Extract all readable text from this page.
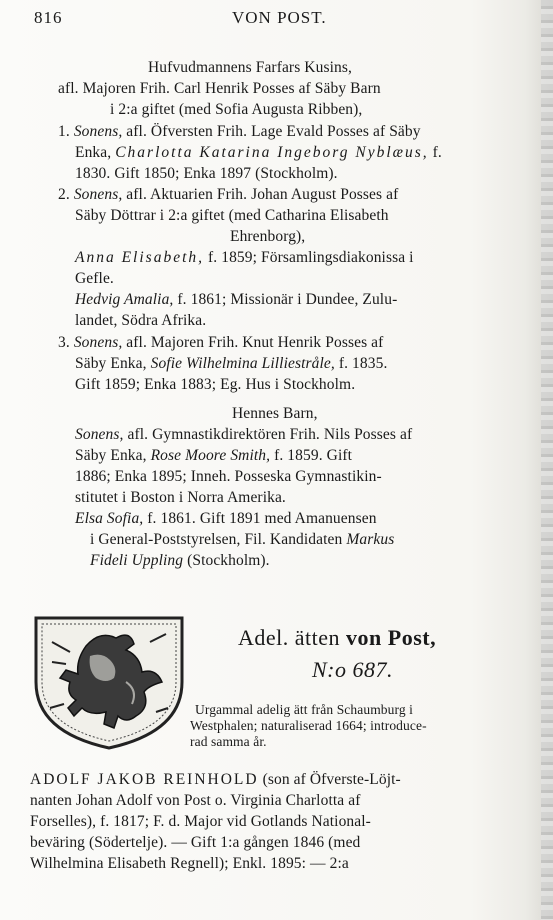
816	VON POST.
Hufvudmannens Farfars Kusins,
afl. Majoren Frih. Carl Henrik Posses af Säby Barn
i 2:a giftet (med Sofia Augusta Ribben),
1. Sonens, afl. Öfversten Frih. Lage Evald Posses af Säby
Enka, Charlotta Katarina Ingeborg Nyblæus, f.
1830. Gift 1850; Enka 1897 (Stockholm).
2. Sonens, afl. Aktuarien Frih. Johan August Posses af
Säby Döttrar i 2:a giftet (med Catharina Elisabeth
Ehrenborg),
Anna Elisabeth, f. 1859; Församlingsdiakonissa i
Gefle.
Hedvig Amalia, f. 1861; Missionär i Dundee, Zulu-
landet, Södra Afrika.
3. Sonens, afl. Majoren Frih. Knut Henrik Posses af
Säby Enka, Sofie Wilhelmina Lilliestråle, f. 1835.
Gift 1859; Enka 1883; Eg. Hus i Stockholm.
Hennes Barn,
Sonens, afl. Gymnastikdirektören Frih. Nils Posses af
Säby Enka, Rose Moore Smith, f. 1859. Gift
1886; Enka 1895; Inneh. Posseska Gymnastikin-
stitutet i Boston i Norra Amerika.
Elsa Sofia, f. 1861. Gift 1891 med Amanuensen
i General-Poststyrelsen, Fil. Kandidaten Markus
Fideli Uppling (Stockholm).
Adel. ätten von Post,
N:o 687.
Urgammal adelig ätt från Schaumburg i
Westphalen; naturaliserad 1664; introduce-
rad samma år.
ADOLF JAKOB REINHOLD (son af Öfverste-Löjt-
nanten Johan Adolf von Post o. Virginia Charlotta af
Forselles), f. 1817; F. d. Major vid Gotlands National-
beväring (Södertelje). — Gift 1:a gången 1846 (med
Wilhelmina Elisabeth Regnell); Enkl. 1895: — 2:a
